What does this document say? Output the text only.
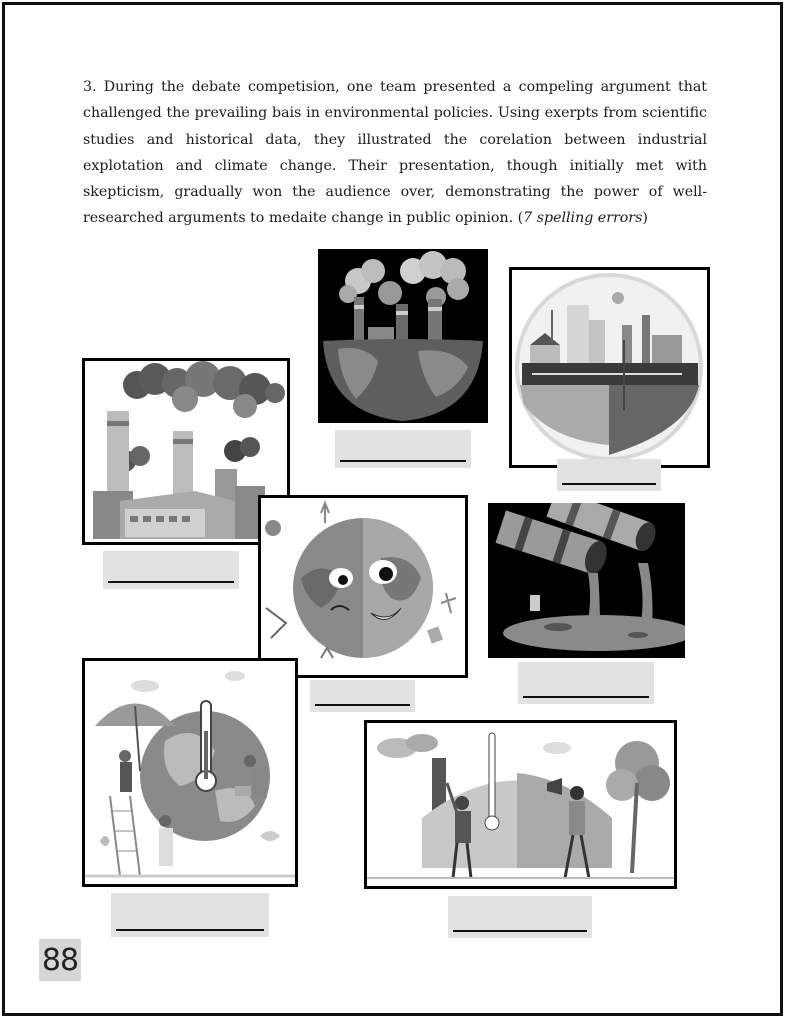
3. During the debate competision, one team presented a compeling argument that challenged the prevailing bais in environmental policies. Using exerpts from scientific studies and historical data, they illustrated the corelation between industrial explotation and climate change. Their presentation, though initially met with skepticism, gradually won the audience over, demonstrating the power of well-researched arguments to medaite change in public opinion. (7 spelling errors)
88
